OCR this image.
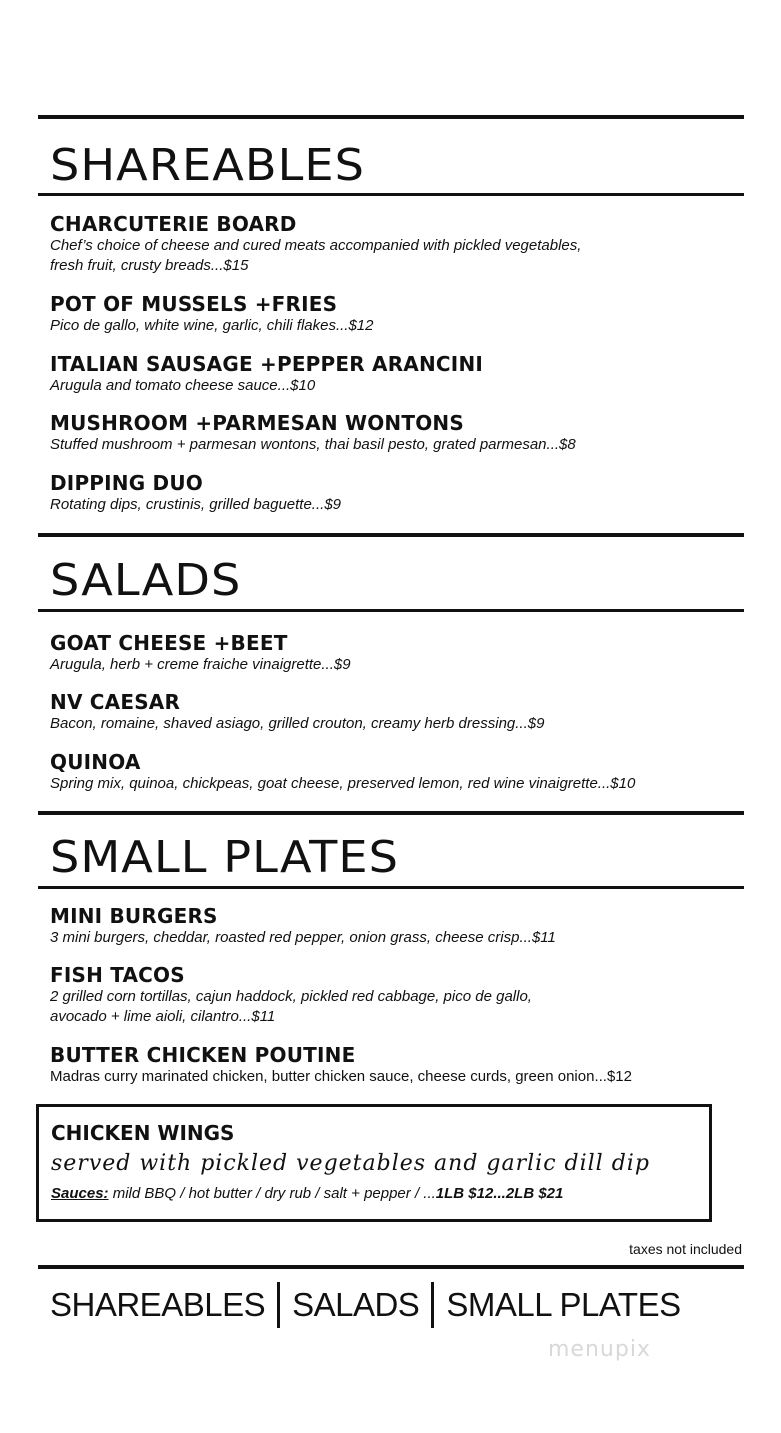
SHAREABLES
CHARCUTERIE BOARD
Chef’s choice of cheese and cured meats accompanied with pickled vegetables,
fresh fruit, crusty breads...$15
POT OF MUSSELS +FRIES
Pico de gallo, white wine, garlic, chili flakes...$12
ITALIAN SAUSAGE +PEPPER ARANCINI
Arugula and tomato cheese sauce...$10
MUSHROOM +PARMESAN WONTONS
Stuffed mushroom + parmesan wontons, thai basil pesto, grated parmesan...$8
DIPPING DUO
Rotating dips, crustinis, grilled baguette...$9
SALADS
GOAT CHEESE +BEET
Arugula, herb + creme fraiche vinaigrette...$9
NV CAESAR
Bacon, romaine, shaved asiago, grilled crouton, creamy herb dressing...$9
QUINOA
Spring mix, quinoa, chickpeas, goat cheese, preserved lemon, red wine vinaigrette...$10
SMALL PLATES
MINI BURGERS
3 mini burgers, cheddar, roasted red pepper, onion grass, cheese crisp...$11
FISH TACOS
2 grilled corn tortillas, cajun haddock, pickled red cabbage, pico de gallo,
avocado + lime aioli, cilantro...$11
BUTTER CHICKEN POUTINE
Madras curry marinated chicken, butter chicken sauce, cheese curds, green onion...$12
CHICKEN WINGS
served with pickled vegetables and garlic dill dip
Sauces: mild BBQ / hot butter / dry rub / salt + pepper / ...1LB $12...2LB $21
taxes not included
SHAREABLES SALADS SMALL PLATES
menupix
